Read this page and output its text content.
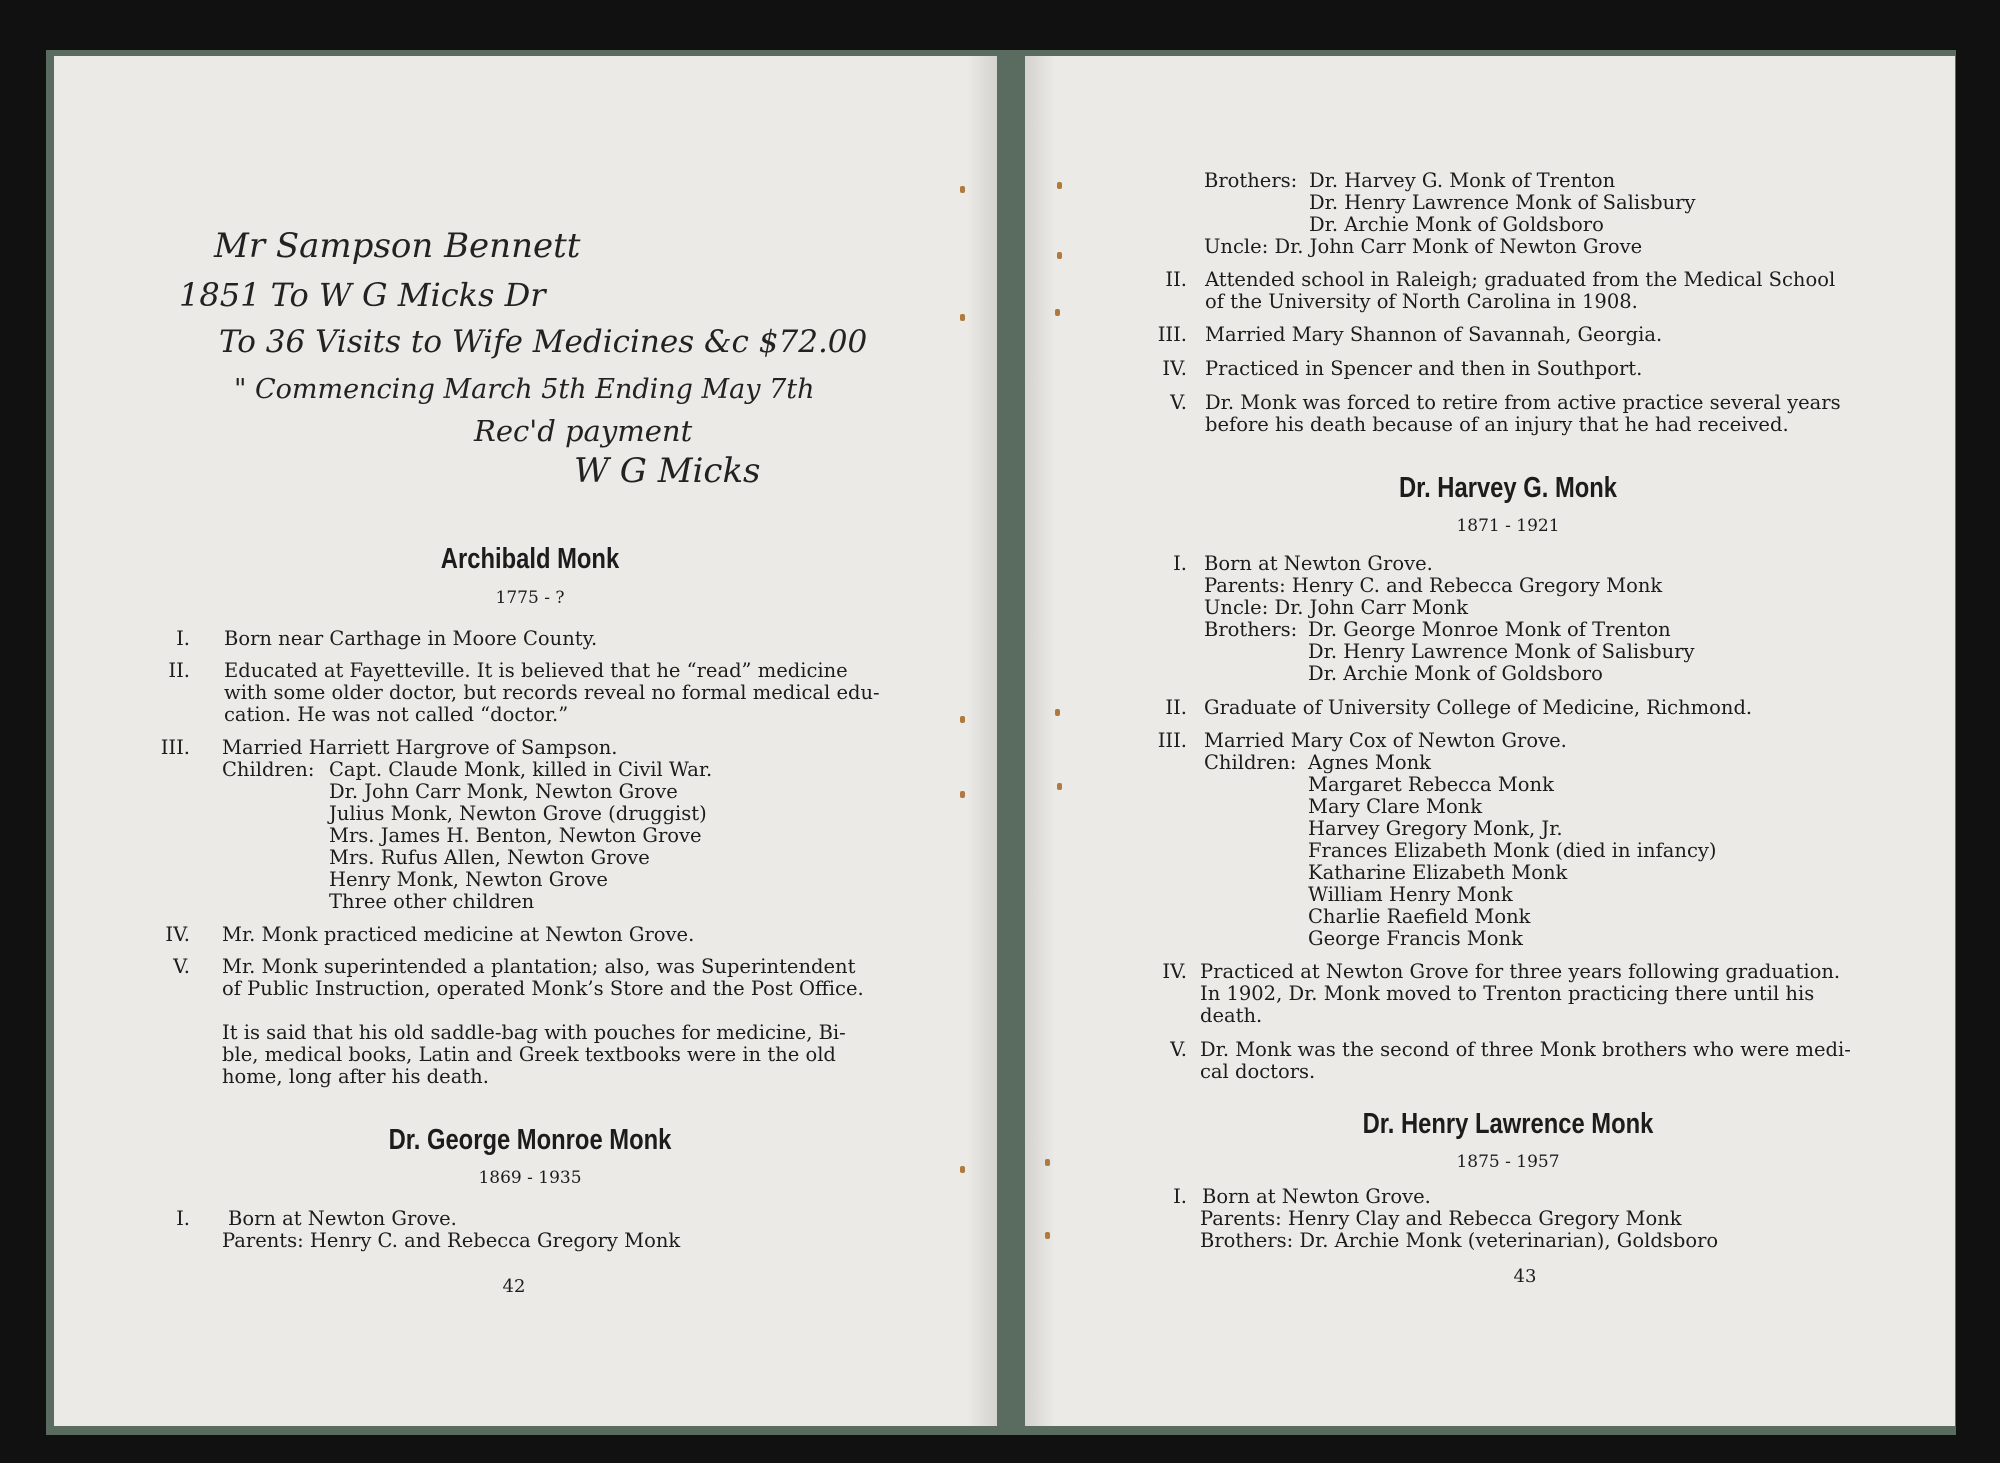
Mr Sampson Bennett
1851 To W G Micks Dr
To 36 Visits to Wife Medicines &c $72.00
" Commencing March 5th Ending May 7th
Rec'd payment
W G Micks
Archibald Monk
1775 - ?
I. Born near Carthage in Moore County.
II. Educated at Fayetteville. It is believed that he “read” medicine
with some older doctor, but records reveal no formal medical edu-
cation. He was not called “doctor.”
III. Married Harriett Hargrove of Sampson.
Children: Capt. Claude Monk, killed in Civil War.
Dr. John Carr Monk, Newton Grove
Julius Monk, Newton Grove (druggist)
Mrs. James H. Benton, Newton Grove
Mrs. Rufus Allen, Newton Grove
Henry Monk, Newton Grove
Three other children
IV. Mr. Monk practiced medicine at Newton Grove.
V. Mr. Monk superintended a plantation; also, was Superintendent
of Public Instruction, operated Monk’s Store and the Post Office.
It is said that his old saddle-bag with pouches for medicine, Bi-
ble, medical books, Latin and Greek textbooks were in the old
home, long after his death.
Dr. George Monroe Monk
1869 - 1935
I. Born at Newton Grove.
Parents: Henry C. and Rebecca Gregory Monk
42
Brothers: Dr. Harvey G. Monk of Trenton
Dr. Henry Lawrence Monk of Salisbury
Dr. Archie Monk of Goldsboro
Uncle: Dr. John Carr Monk of Newton Grove
II. Attended school in Raleigh; graduated from the Medical School
of the University of North Carolina in 1908.
III. Married Mary Shannon of Savannah, Georgia.
IV. Practiced in Spencer and then in Southport.
V. Dr. Monk was forced to retire from active practice several years
before his death because of an injury that he had received.
Dr. Harvey G. Monk
1871 - 1921
I. Born at Newton Grove.
Parents: Henry C. and Rebecca Gregory Monk
Uncle: Dr. John Carr Monk
Brothers: Dr. George Monroe Monk of Trenton
Dr. Henry Lawrence Monk of Salisbury
Dr. Archie Monk of Goldsboro
II. Graduate of University College of Medicine, Richmond.
III. Married Mary Cox of Newton Grove.
Children: Agnes Monk
Margaret Rebecca Monk
Mary Clare Monk
Harvey Gregory Monk, Jr.
Frances Elizabeth Monk (died in infancy)
Katharine Elizabeth Monk
William Henry Monk
Charlie Raefield Monk
George Francis Monk
IV. Practiced at Newton Grove for three years following graduation.
In 1902, Dr. Monk moved to Trenton practicing there until his
death.
V. Dr. Monk was the second of three Monk brothers who were medi-
cal doctors.
Dr. Henry Lawrence Monk
1875 - 1957
I. Born at Newton Grove.
Parents: Henry Clay and Rebecca Gregory Monk
Brothers: Dr. Archie Monk (veterinarian), Goldsboro
43
